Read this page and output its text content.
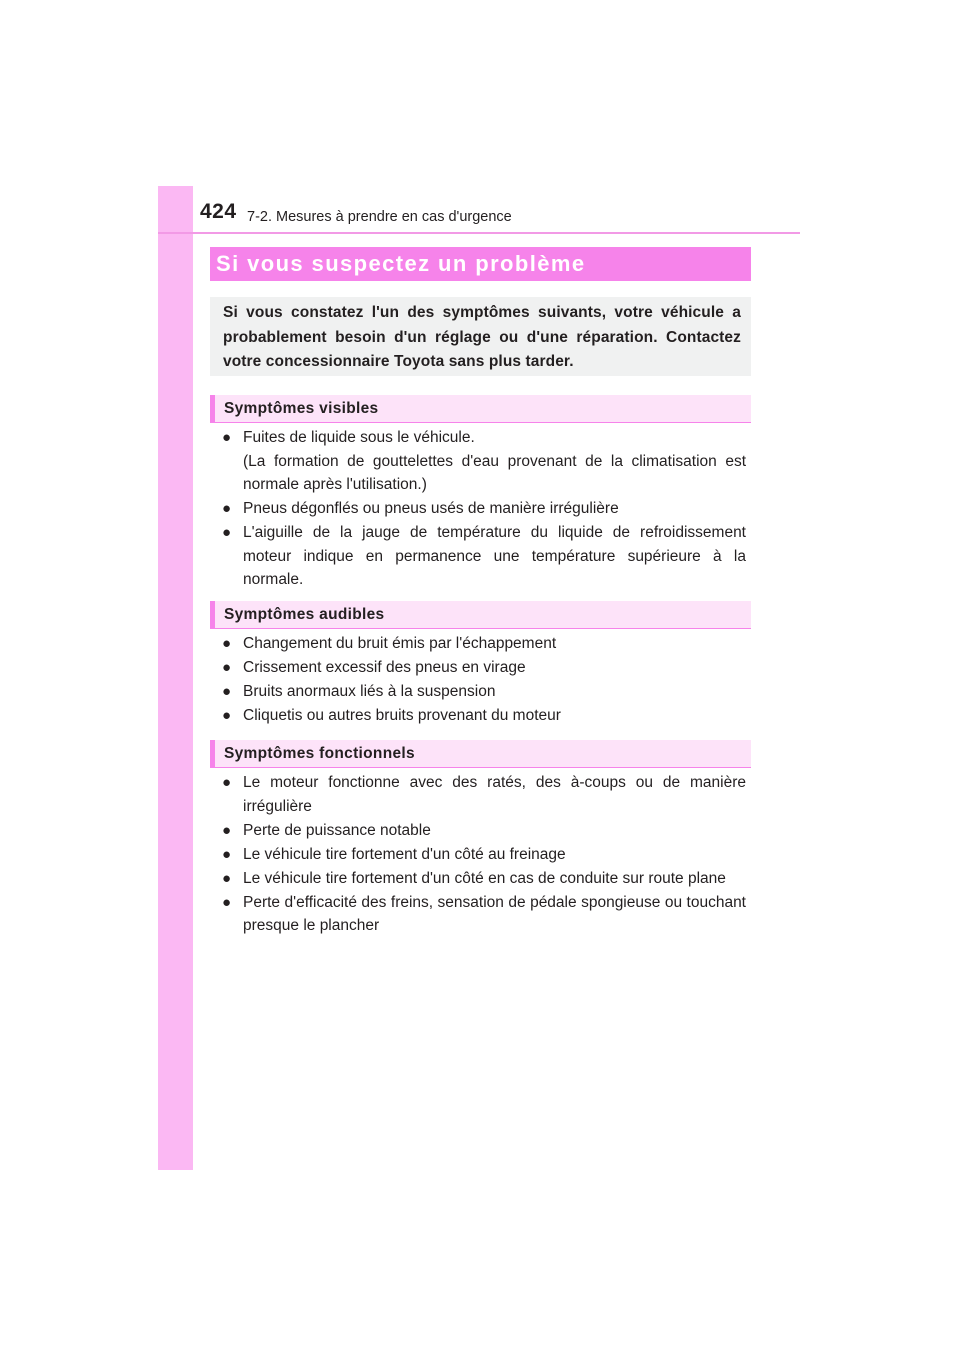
424 7-2. Mesures à prendre en cas d'urgence
Si vous suspectez un problème
Si vous constatez l'un des symptômes suivants, votre véhicule a probablement besoin d'un réglage ou d'une réparation. Contactez votre concessionnaire Toyota sans plus tarder.
Symptômes visibles
● Fuites de liquide sous le véhicule.
(La formation de gouttelettes d'eau provenant de la climatisation est normale après l'utilisation.)
● Pneus dégonflés ou pneus usés de manière irrégulière
● L'aiguille de la jauge de température du liquide de refroidissement moteur indique en permanence une température supérieure à la normale.
Symptômes audibles
● Changement du bruit émis par l'échappement
● Crissement excessif des pneus en virage
● Bruits anormaux liés à la suspension
● Cliquetis ou autres bruits provenant du moteur
Symptômes fonctionnels
● Le moteur fonctionne avec des ratés, des à-coups ou de manière irrégulière
● Perte de puissance notable
● Le véhicule tire fortement d'un côté au freinage
● Le véhicule tire fortement d'un côté en cas de conduite sur route plane
● Perte d'efficacité des freins, sensation de pédale spongieuse ou touchant presque le plancher
